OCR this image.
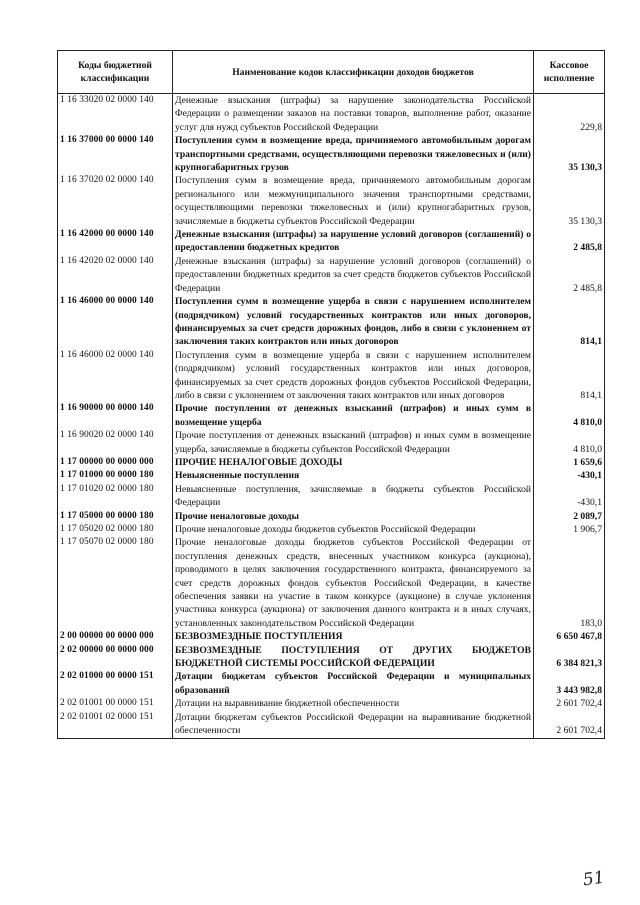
Коды бюджетной классификации	Наименование кодов классификации доходов бюджетов	Кассовое исполнение
1 16 33020 02 0000 140	Денежные взыскания (штрафы) за нарушение законодательства Российской Федерации о размещении заказов на поставки товаров, выполнение работ, оказание услуг для нужд субъектов Российской Федерации	229,8
1 16 37000 00 0000 140	Поступления сумм в возмещение вреда, причиняемого автомобильным дорогам транспортными средствами, осуществляющими перевозки тяжеловесных и (или) крупногабаритных грузов	35 130,3
1 16 37020 02 0000 140	Поступления сумм в возмещение вреда, причиняемого автомобильным дорогам регионального или межмуниципального значения транспортными средствами, осуществляющими перевозки тяжеловесных и (или) крупногабаритных грузов, зачисляемые в бюджеты субъектов Российской Федерации	35 130,3
1 16 42000 00 0000 140	Денежные взыскания (штрафы) за нарушение условий договоров (соглашений) о предоставлении бюджетных кредитов	2 485,8
1 16 42020 02 0000 140	Денежные взыскания (штрафы) за нарушение условий договоров (соглашений) о предоставлении бюджетных кредитов за счет средств бюджетов субъектов Российской Федерации	2 485,8
1 16 46000 00 0000 140	Поступления сумм в возмещение ущерба в связи с нарушением исполнителем (подрядчиком) условий государственных контрактов или иных договоров, финансируемых за счет средств дорожных фондов, либо в связи с уклонением от заключения таких контрактов или иных договоров	814,1
1 16 46000 02 0000 140	Поступления сумм в возмещение ущерба в связи с нарушением исполнителем (подрядчиком) условий государственных контрактов или иных договоров, финансируемых за счет средств дорожных фондов субъектов Российской Федерации, либо в связи с уклонением от заключения таких контрактов или иных договоров	814,1
1 16 90000 00 0000 140	Прочие поступления от денежных взысканий (штрафов) и иных сумм в возмещение ущерба	4 810,0
1 16 90020 02 0000 140	Прочие поступления от денежных взысканий (штрафов) и иных сумм в возмещение ущерба, зачисляемые в бюджеты субъектов Российской Федерации	4 810,0
1 17 00000 00 0000 000	ПРОЧИЕ НЕНАЛОГОВЫЕ ДОХОДЫ	1 659,6
1 17 01000 00 0000 180	Невыясненные поступления	-430,1
1 17 01020 02 0000 180	Невыясненные поступления, зачисляемые в бюджеты субъектов Российской Федерации	-430,1
1 17 05000 00 0000 180	Прочие неналоговые доходы	2 089,7
1 17 05020 02 0000 180	Прочие неналоговые доходы бюджетов субъектов Российской Федерации	1 906,7
1 17 05070 02 0000 180	Прочие неналоговые доходы бюджетов субъектов Российской Федерации от поступления денежных средств, внесенных участником конкурса (аукциона), проводимого в целях заключения государственного контракта, финансируемого за счет средств дорожных фондов субъектов Российской Федерации, в качестве обеспечения заявки на участие в таком конкурсе (аукционе) в случае уклонения участника конкурса (аукциона) от заключения данного контракта и в иных случаях, установленных законодательством Российской Федерации	183,0
2 00 00000 00 0000 000	БЕЗВОЗМЕЗДНЫЕ ПОСТУПЛЕНИЯ	6 650 467,8
2 02 00000 00 0000 000	БЕЗВОЗМЕЗДНЫЕ ПОСТУПЛЕНИЯ ОТ ДРУГИХ БЮДЖЕТОВ БЮДЖЕТНОЙ СИСТЕМЫ РОССИЙСКОЙ ФЕДЕРАЦИИ	6 384 821,3
2 02 01000 00 0000 151	Дотации бюджетам субъектов Российской Федерации и муниципальных образований	3 443 982,8
2 02 01001 00 0000 151	Дотации на выравнивание бюджетной обеспеченности	2 601 702,4
2 02 01001 02 0000 151	Дотации бюджетам субъектов Российской Федерации на выравнивание бюджетной обеспеченности	2 601 702,4
51
